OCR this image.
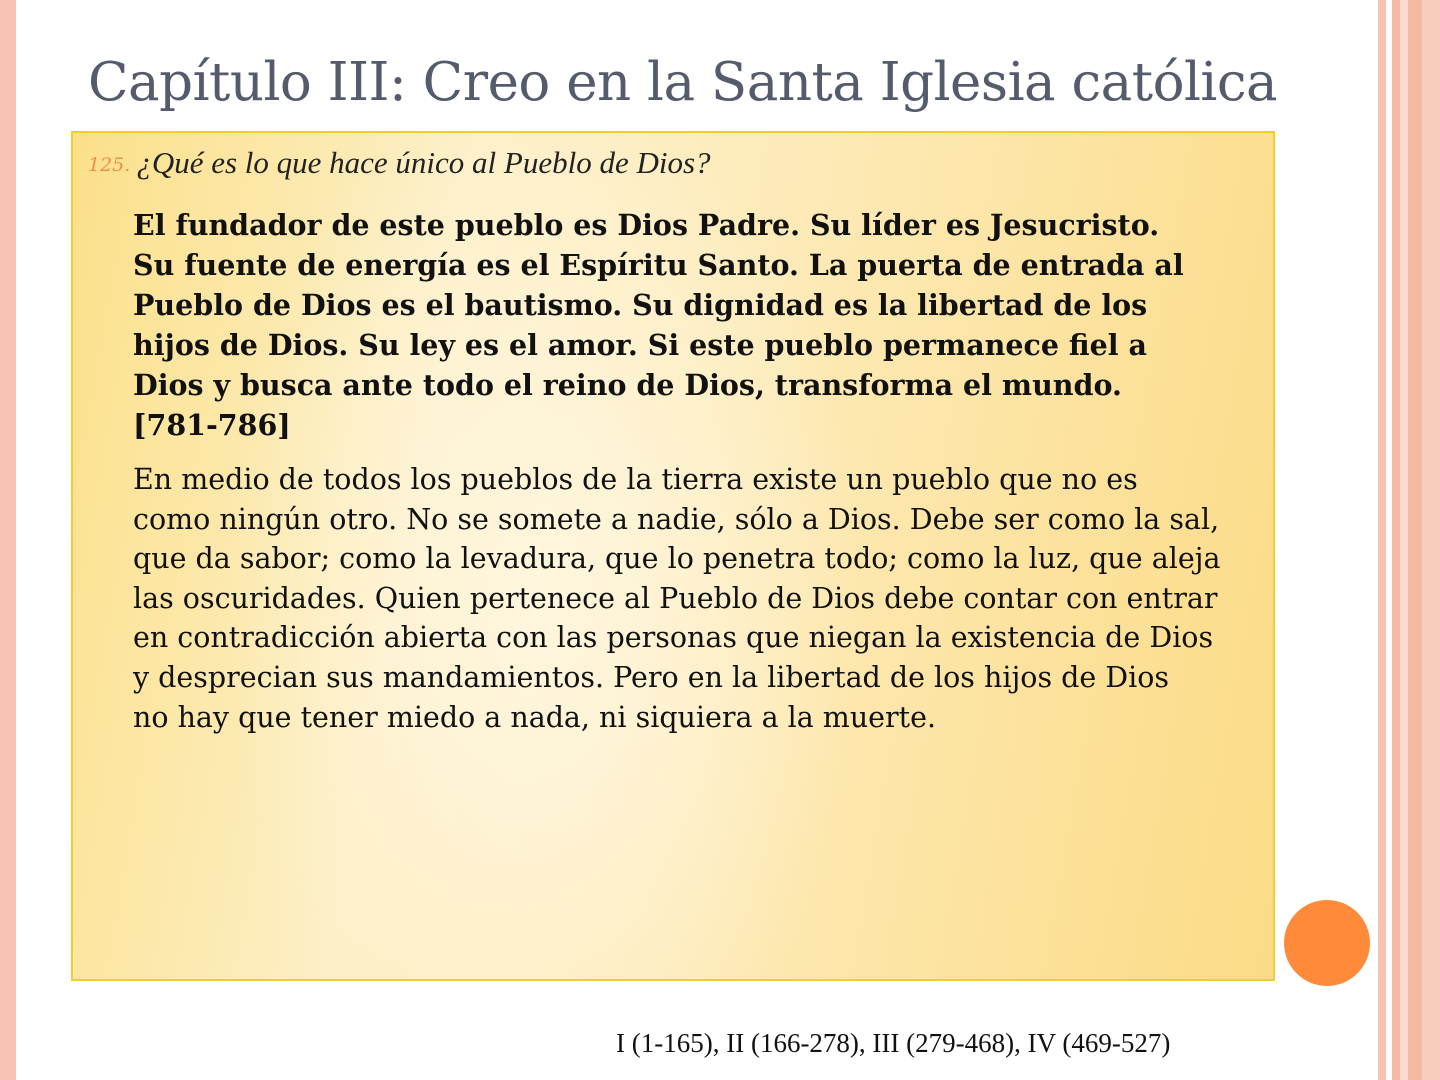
Capítulo III: Creo en la Santa Iglesia católica
125. ¿Qué es lo que hace único al Pueblo de Dios?

El fundador de este pueblo es Dios Padre. Su líder es Jesucristo.
Su fuente de energía es el Espíritu Santo. La puerta de entrada al
Pueblo de Dios es el bautismo. Su dignidad es la libertad de los
hijos de Dios. Su ley es el amor. Si este pueblo permanece fiel a
Dios y busca ante todo el reino de Dios, transforma el mundo.
[781-786]

En medio de todos los pueblos de la tierra existe un pueblo que no es
como ningún otro. No se somete a nadie, sólo a Dios. Debe ser como la sal,
que da sabor; como la levadura, que lo penetra todo; como la luz, que aleja
las oscuridades. Quien pertenece al Pueblo de Dios debe contar con entrar
en contradicción abierta con las personas que niegan la existencia de Dios
y desprecian sus mandamientos. Pero en la libertad de los hijos de Dios
no hay que tener miedo a nada, ni siquiera a la muerte.

I (1-165), II (166-278), III (279-468), IV (469-527)
